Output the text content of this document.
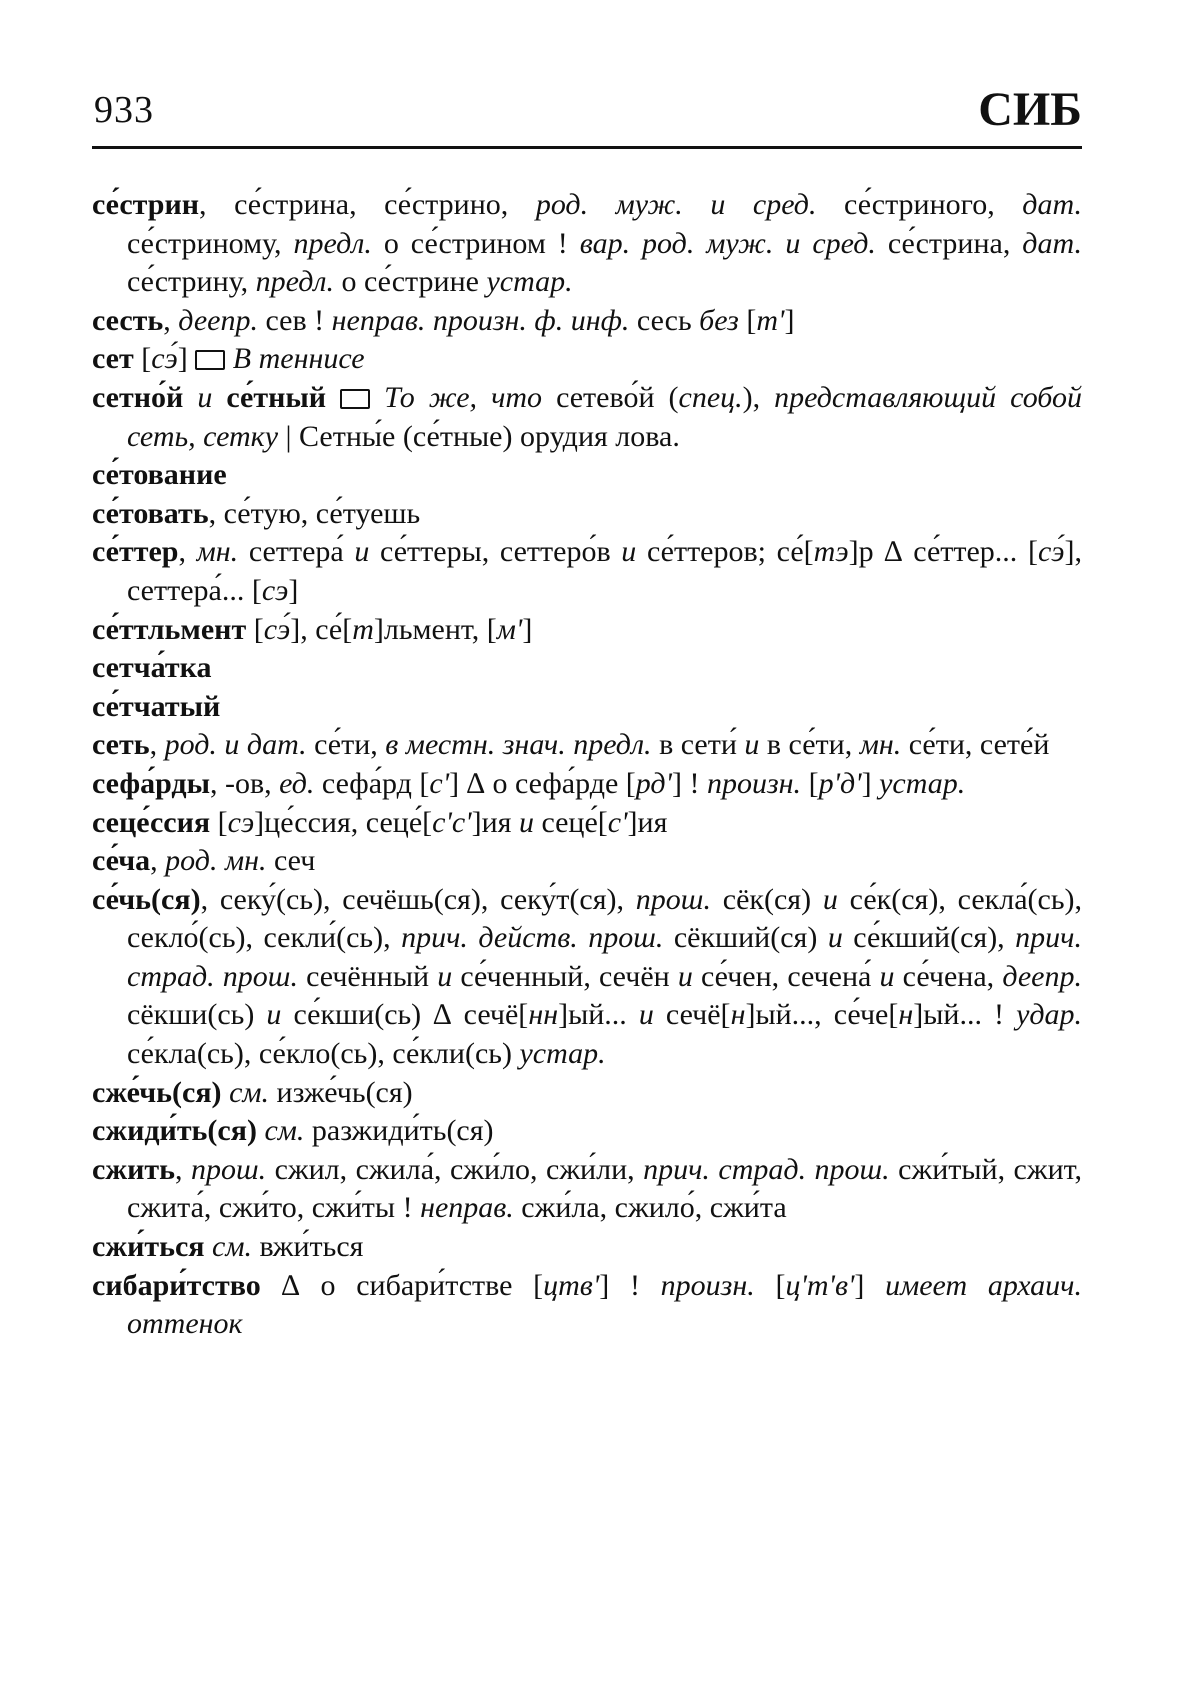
933	СИБ
се́стрин, се́стрина, се́стрино, род. муж. и сред. се́стриного, дат. се́стриному, предл. о се́стрином ! вар. род. муж. и сред. се́стрина, дат. се́стрину, предл. о се́стрине устар.
сесть, деепр. сев ! неправ. произн. ф. инф. сесь без [тʹ]
сет [сэ́]  В теннисе
сетно́й и се́тный То же, что сетево́й (спец.), представляющий собой сеть, сетку | Сетны́е (се́тные) орудия лова.
се́тование
се́товать, се́тую, се́туешь
се́ттер, мн. сеттера́ и се́ттеры, сеттеро́в и се́ттеров; се́[тэ]р ∆ се́ттер... [сэ́], сеттера́... [сэ]
се́ттльмент [сэ́], се́[т]льмент, [мʹ]
сетча́тка
се́тчатый
сеть, род. и дат. се́ти, в местн. знач. предл. в сети́ и в се́ти, мн. се́ти, сете́й
сефа́рды, -ов, ед. сефа́рд [сʹ] ∆ о сефа́рде [рдʹ] ! произн. [рʹдʹ] устар.
сеце́ссия [сэ]це́ссия, сеце́[сʹсʹ]ия и сеце́[сʹ]ия
се́ча, род. мн. сеч
се́чь(ся), секу́(сь), сечёшь(ся), секу́т(ся), прош. сёк(ся) и се́к(ся), секла́(сь), секло́(сь), секли́(сь), прич. действ. прош. сёкший(ся) и се́кший(ся), прич. страд. прош. сечённый и се́ченный, сечён и се́чен, сечена́ и се́чена, деепр. сёкши(сь) и се́кши(сь) ∆ сечё[нн]ый... и сечё[н]ый..., се́че[н]ый... ! удар. се́кла(сь), се́кло(сь), се́кли(сь) устар.
сже́чь(ся) см. изже́чь(ся)
сжиди́ть(ся) см. разжиди́ть(ся)
сжить, прош. сжил, сжила́, сжи́ло, сжи́ли, прич. страд. прош. сжи́тый, сжит, сжита́, сжи́то, сжи́ты ! неправ. сжи́ла, сжило́, сжи́та
сжи́ться см. вжи́ться
сибари́тство ∆ о сибари́тстве [цтвʹ] ! произн. [цʹтʹвʹ] имеет архаич. оттенок
